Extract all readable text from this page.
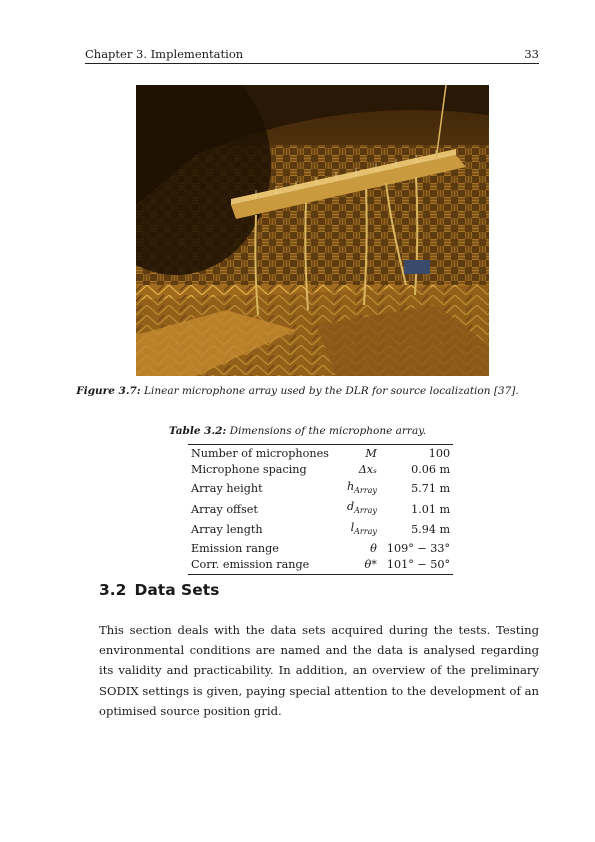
Chapter 3. Implementation	33
Figure 3.7: Linear microphone array used by the DLR for source localization [37].
Table 3.2: Dimensions of the microphone array.
Number of microphones	M	100
Microphone spacing	Δxₛ	0.06 m
Array height	$h_{Array}$	5.71 m
Array offset	$d_{Array}$	1.01 m
Array length	$l_{Array}$	5.94 m
Emission range	θ	109° − 33°
Corr. emission range	θ*	101° − 50°
3.2 Data Sets

This section deals with the data sets acquired during the tests. Testing environmental conditions are named and the data is analysed regarding its validity and practicability. In addition, an overview of the preliminary SODIX settings is given, paying special attention to the development of an optimised source position grid.
